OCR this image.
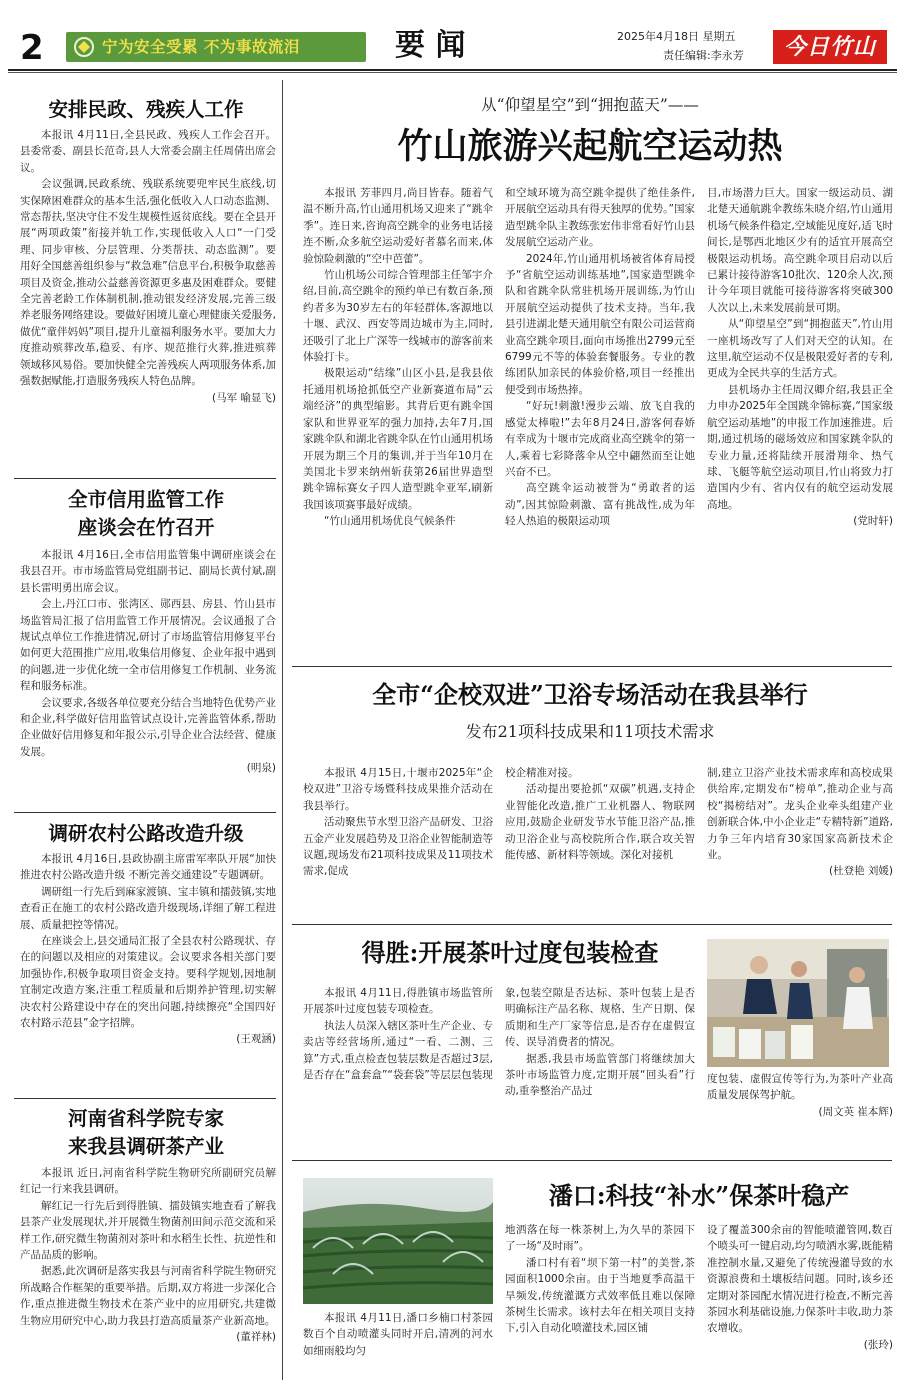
2	宁为安全受累 不为事故流泪	要 闻	2025年4月18日 星期五
责任编辑:李永芳	今日竹山
安排民政、残疾人工作

本报讯 4月11日,全县民政、残疾人工作会召开。县委常委、副县长范奇,县人大常委会副主任周倩出席会议。

会议强调,民政系统、残联系统要兜牢民生底线,切实保障困难群众的基本生活,强化低收入人口动态监测、常态帮扶,坚决守住不发生规模性返贫底线。要在全县开展“两项政策”衔接并轨工作,实现低收入人口“一门受理、同步审核、分层管理、分类帮扶、动态监测”。要用好全国慈善组织参与“救急难”信息平台,积极争取慈善项目及资金,推动公益慈善资源更多惠及困难群众。要健全完善老龄工作体制机制,推动银发经济发展,完善三级养老服务网络建设。要做好困境儿童心理健康关爱服务,做优“童伴妈妈”项目,提升儿童福利服务水平。要加大力度推动殡葬改革,稳妥、有序、规范推行火葬,推进殡葬领域移风易俗。要加快健全完善残疾人两项服务体系,加强数据赋能,打造服务残疾人特色品牌。

(马军 喻显飞)
全市信用监管工作
座谈会在竹召开

本报讯 4月16日,全市信用监管集中调研座谈会在我县召开。市市场监管局党组副书记、副局长黄付斌,副县长雷明勇出席会议。

会上,丹江口市、张湾区、郧西县、房县、竹山县市场监管局汇报了信用监管工作开展情况。会议通报了合规试点单位工作推进情况,研讨了市场监管信用修复平台如何更大范围推广应用,收集信用修复、企业年报中遇到的问题,进一步优化统一全市信用修复工作机制、业务流程和服务标准。

会议要求,各级各单位要充分结合当地特色优势产业和企业,科学做好信用监管试点设计,完善监管体系,帮助企业做好信用修复和年报公示,引导企业合法经营、健康发展。

(明泉)
调研农村公路改造升级

本报讯 4月16日,县政协副主席雷军率队开展“加快推进农村公路改造升级 不断完善交通建设”专题调研。

调研组一行先后到麻家渡镇、宝丰镇和擂鼓镇,实地查看正在施工的农村公路改造升级现场,详细了解工程进展、质量把控等情况。

在座谈会上,县交通局汇报了全县农村公路现状、存在的问题以及相应的对策建议。会议要求各相关部门要加强协作,积极争取项目资金支持。要科学规划,因地制宜制定改造方案,注重工程质量和后期养护管理,切实解决农村公路建设中存在的突出问题,持续擦亮“全国四好农村路示范县”金字招牌。

(王观涵)
河南省科学院专家
来我县调研茶产业

本报讯 近日,河南省科学院生物研究所副研究员解红记一行来我县调研。

解红记一行先后到得胜镇、擂鼓镇实地查看了解我县茶产业发展现状,并开展微生物菌剂田间示范交流和采样工作,研究微生物菌剂对茶叶和水稻生长性、抗逆性和产品品质的影响。

据悉,此次调研是落实我县与河南省科学院生物研究所战略合作框架的重要举措。后期,双方将进一步深化合作,重点推进微生物技术在茶产业中的应用研究,共建微生物应用研究中心,助力我县打造高质量茶产业新高地。

(董祥林)
从“仰望星空”到“拥抱蓝天”——
竹山旅游兴起航空运动热

本报讯 芳菲四月,尚目皆春。随着气温不断升高,竹山通用机场又迎来了“跳伞季”。连日来,咨询高空跳伞的业务电话接连不断,众多航空运动爱好者慕名而来,体验惊险刺激的“空中芭蕾”。

竹山机场公司综合管理部主任邹宇介绍,目前,高空跳伞的预约单已有数百条,预约者多为30岁左右的年轻群体,客源地以十堰、武汉、西安等周边城市为主,同时,还吸引了北上广深等一线城市的游客前来体验打卡。

极限运动“结缘”山区小县,是我县依托通用机场抢抓低空产业新赛道布局“云端经济”的典型缩影。其背后更有跳伞国家队和世界亚军的强力加持,去年7月,国家跳伞队和湖北省跳伞队在竹山通用机场开展为期三个月的集训,并于当年10月在美国北卡罗来纳州斩获第26届世界造型跳伞锦标赛女子四人造型跳伞亚军,刷新我国该项赛事最好成绩。

“竹山通用机场优良气候条件

和空域环境为高空跳伞提供了绝佳条件,开展航空运动具有得天独厚的优势。”国家造型跳伞队主教练张宏伟非常看好竹山县发展航空运动产业。

2024年,竹山通用机场被省体育局授予“省航空运动训练基地”,国家造型跳伞队和省跳伞队常驻机场开展训练,为竹山开展航空运动提供了技术支持。当年,我县引进湖北楚天通用航空有限公司运营商业高空跳伞项目,面向市场推出2799元至6799元不等的体验套餐服务。专业的教练团队加亲民的体验价格,项目一经推出便受到市场热捧。

“好玩!刺激!漫步云端、放飞自我的感觉太棒啦!”去年8月24日,游客何春娇有幸成为十堰市完成商业高空跳伞的第一人,乘着七彩降落伞从空中翩然而至让她兴奋不已。

高空跳伞运动被誉为“勇敢者的运动”,因其惊险刺激、富有挑战性,成为年轻人热追的极限运动项

目,市场潜力巨大。国家一级运动员、湖北楚天通航跳伞教练朱晓介绍,竹山通用机场气候条件稳定,空域能见度好,适飞时间长,是鄂西北地区少有的适宜开展高空极限运动机场。高空跳伞项目启动以后已累计接待游客10批次、120余人次,预计今年项目就能可接待游客将突破300人次以上,未来发展前景可期。

从“仰望星空”到“拥抱蓝天”,竹山用一座机场改写了人们对天空的认知。在这里,航空运动不仅是极限爱好者的专利,更成为全民共享的生活方式。

县机场办主任周汉卿介绍,我县正全力申办2025年全国跳伞锦标赛,“国家级航空运动基地”的申报工作加速推进。后期,通过机场的磁场效应和国家跳伞队的专业力量,还将陆续开展滑翔伞、热气球、飞艇等航空运动项目,竹山将致力打造国内少有、省内仅有的航空运动发展高地。

(党时轩)
全市“企校双进”卫浴专场活动在我县举行
发布21项科技成果和11项技术需求

本报讯 4月15日,十堰市2025年“企校双进”卫浴专场暨科技成果推介活动在我县举行。

活动聚焦节水型卫浴产品研发、卫浴五金产业发展趋势及卫浴企业智能制造等议题,现场发布21项科技成果及11项技术需求,促成

校企精准对接。

活动提出要抢抓“双碳”机遇,支持企业智能化改造,推广工业机器人、物联网应用,鼓励企业研发节水节能卫浴产品,推动卫浴企业与高校院所合作,联合攻关智能传感、新材料等领域。深化对接机

制,建立卫浴产业技术需求库和高校成果供给库,定期发布“榜单”,推动企业与高校“揭榜结对”。龙头企业牵头组建产业创新联合体,中小企业走“专精特新”道路,力争三年内培育30家国家高新技术企业。

(杜登艳 刘媛)
得胜:开展茶叶过度包装检查

本报讯 4月11日,得胜镇市场监管所开展茶叶过度包装专项检查。

执法人员深入辖区茶叶生产企业、专卖店等经营场所,通过“一看、二测、三算”方式,重点检查包装层数是否超过3层,是否存在“盒套盒”“袋套袋”等层层包装现

象,包装空隙是否达标、茶叶包装上是否明确标注产品名称、规格、生产日期、保质期和生产厂家等信息,是否存在虚假宣传、误导消费者的情况。

据悉,我县市场监管部门将继续加大茶叶市场监管力度,定期开展“回头看”行动,重拳整治产品过

度包装、虚假宣传等行为,为茶叶产业高质量发展保驾护航。

(周文英 崔本辉)
潘口:科技“补水”保茶叶稳产

本报讯 4月11日,潘口乡楠口村茶园数百个自动喷灌头同时开启,清冽的河水如细雨般均匀

地洒落在每一株茶树上,为久旱的茶园下了一场“及时雨”。

潘口村有着“坝下第一村”的美誉,茶园面积1000余亩。由于当地夏季高温干旱频发,传统灌溉方式效率低且难以保障茶树生长需求。该村去年在相关项目支持下,引入自动化喷灌技术,园区铺

设了覆盖300余亩的智能喷灌管网,数百个喷头可一键启动,均匀喷洒水雾,既能精准控制水量,又避免了传统漫灌导致的水资源浪费和土壤板结问题。同时,该乡还定期对茶园配水情况进行检查,不断完善茶园水利基础设施,力保茶叶丰收,助力茶农增收。

(张玲)
